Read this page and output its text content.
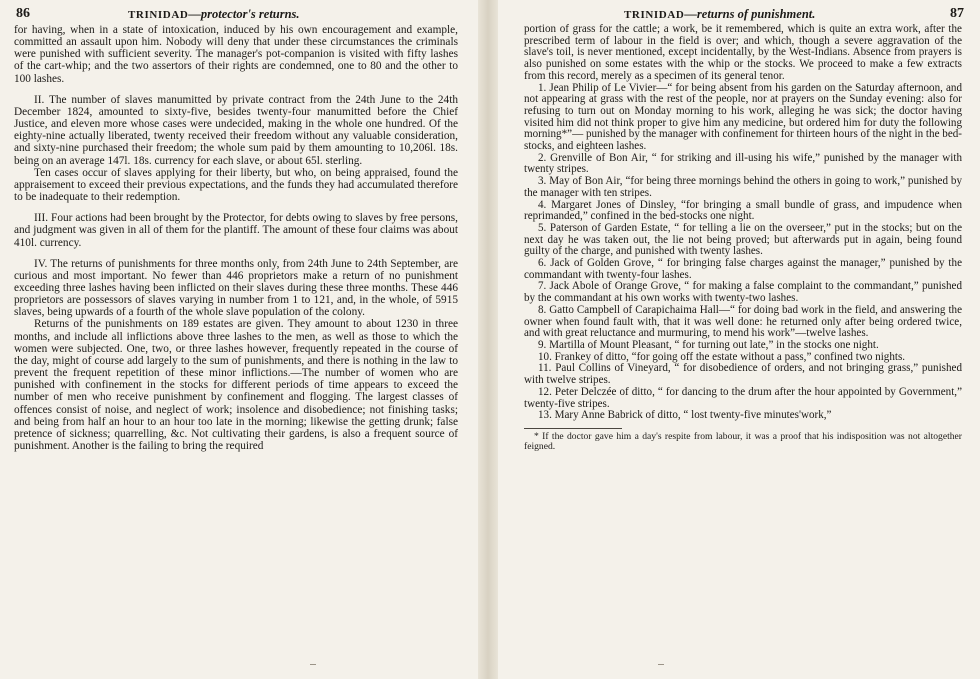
86	TRINIDAD—protector's returns.

for having, when in a state of intoxication, induced by his own encouragement and example, committed an assault upon him. Nobody will deny that under these circumstances the criminals were punished with sufficient severity. The manager's pot-companion is visited with fifty lashes of the cart-whip; and the two assertors of their rights are condemned, one to 80 and the other to 100 lashes.

II. The number of slaves manumitted by private contract from the 24th June to the 24th December 1824, amounted to sixty-five, besides twenty-four manumitted before the Chief Justice, and eleven more whose cases were undecided, making in the whole one hundred. Of the eighty-nine actually liberated, twenty received their freedom without any valuable consideration, and sixty-nine purchased their freedom; the whole sum paid by them amounting to 10,206l. 18s. being on an average 147l. 18s. currency for each slave, or about 65l. sterling.

Ten cases occur of slaves applying for their liberty, but who, on being appraised, found the appraisement to exceed their previous expectations, and the funds they had accumulated therefore to be inadequate to their redemption.

III. Four actions had been brought by the Protector, for debts owing to slaves by free persons, and judgment was given in all of them for the plantiff. The amount of these four claims was about 410l. currency.

IV. The returns of punishments for three months only, from 24th June to 24th September, are curious and most important. No fewer than 446 proprietors make a return of no punishment exceeding three lashes having been inflicted on their slaves during these three months. These 446 proprietors are possessors of slaves varying in number from 1 to 121, and, in the whole, of 5915 slaves, being upwards of a fourth of the whole slave population of the colony.

Returns of the punishments on 189 estates are given. They amount to about 1230 in three months, and include all inflictions above three lashes to the men, as well as those to which the women were subjected. One, two, or three lashes however, frequently repeated in the course of the day, might of course add largely to the sum of punishments, and there is nothing in the law to prevent the frequent repetition of these minor inflictions.—The number of women who are punished with confinement in the stocks for different periods of time appears to exceed the number of men who receive punishment by confinement and flogging. The largest classes of offences consist of noise, and neglect of work; insolence and disobedience; not finishing tasks; and being from half an hour to an hour too late in the morning; likewise the getting drunk; false pretence of sickness; quarrelling, &c. Not cultivating their gardens, is also a frequent source of punishment. Another is the failing to bring the required

TRINIDAD—returns of punishment.	87

portion of grass for the cattle; a work, be it remembered, which is quite an extra work, after the prescribed term of labour in the field is over; and which, though a severe aggravation of the slave's toil, is never mentioned, except incidentally, by the West-Indians. Absence from prayers is also punished on some estates with the whip or the stocks. We proceed to make a few extracts from this record, merely as a specimen of its general tenor.

1. Jean Philip of Le Vivier—“ for being absent from his garden on the Saturday afternoon, and not appearing at grass with the rest of the people, nor at prayers on the Sunday evening: also for refusing to turn out on Monday morning to his work, alleging he was sick; the doctor having visited him did not think proper to give him any medicine, but ordered him for duty the following morning*”— punished by the manager with confinement for thirteen hours of the night in the bed-stocks, and eighteen lashes.

2. Grenville of Bon Air, “ for striking and ill-using his wife,” punished by the manager with twenty stripes.

3. May of Bon Air, “for being three mornings behind the others in going to work,” punished by the manager with ten stripes.

4. Margaret Jones of Dinsley, “for bringing a small bundle of grass, and impudence when reprimanded,” confined in the bed-stocks one night.

5. Paterson of Garden Estate, “ for telling a lie on the overseer,” put in the stocks; but on the next day he was taken out, the lie not being proved; but afterwards put in again, being found guilty of the charge, and punished with twenty lashes.

6. Jack of Golden Grove, “ for bringing false charges against the manager,” punished by the commandant with twenty-four lashes.

7. Jack Abole of Orange Grove, “ for making a false complaint to the commandant,” punished by the commandant at his own works with twenty-two lashes.

8. Gatto Campbell of Carapichaima Hall—“ for doing bad work in the field, and answering the owner when found fault with, that it was well done: he returned only after being ordered twice, and with great reluctance and murmuring, to mend his work”—twelve lashes.

9. Martilla of Mount Pleasant, “ for turning out late,” in the stocks one night.

10. Frankey of ditto, “for going off the estate without a pass,” confined two nights.

11. Paul Collins of Vineyard, “ for disobedience of orders, and not bringing grass,” punished with twelve stripes.

12. Peter Delczée of ditto, “ for dancing to the drum after the hour appointed by Government,” twenty-five stripes.

13. Mary Anne Babrick of ditto, “ lost twenty-five minutes'work,”

* If the doctor gave him a day's respite from labour, it was a proof that his indisposition was not altogether feigned.
